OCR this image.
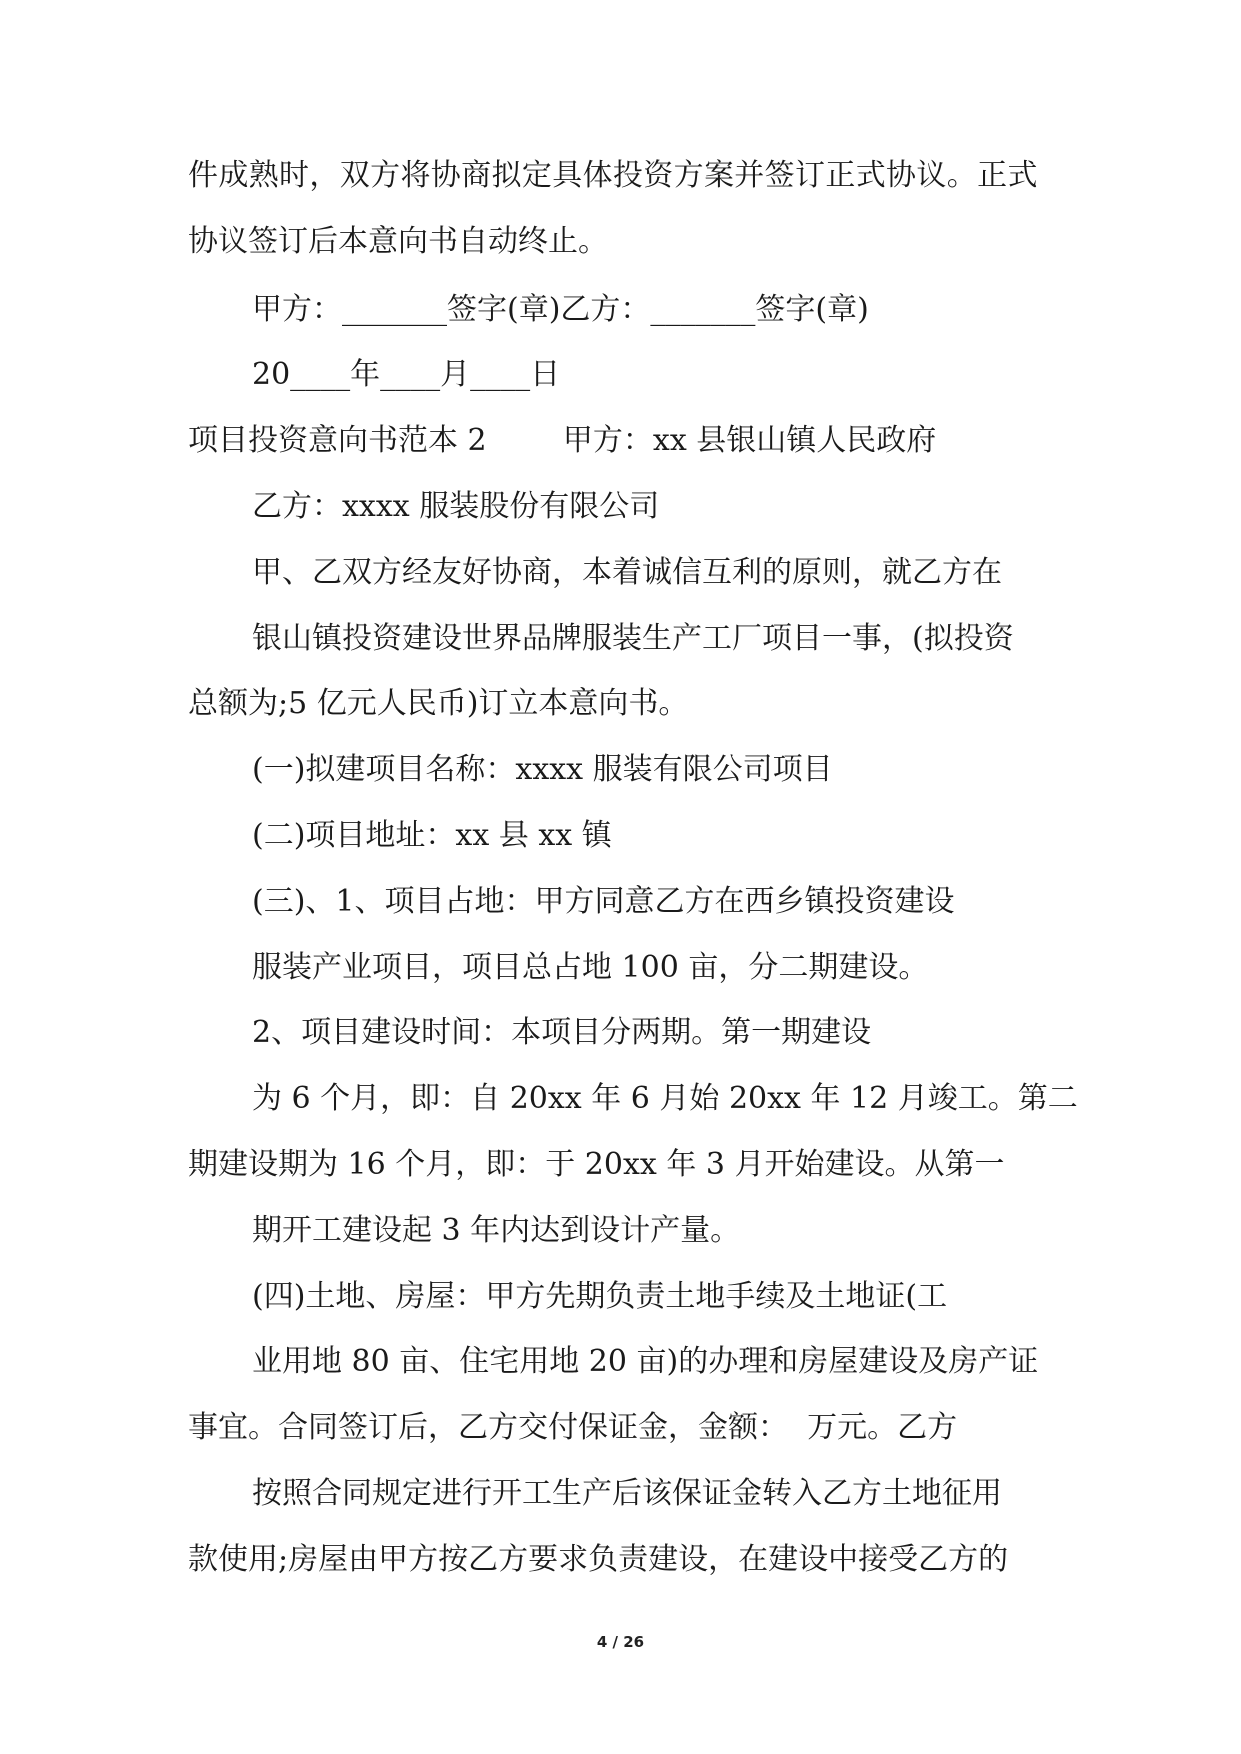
件成熟时，双方将协商拟定具体投资方案并签订正式协议。正式
协议签订后本意向书自动终止。
甲方：_______签字(章)乙方：_______签字(章)
20____年____月____日
项目投资意向书范本 2        甲方：xx 县银山镇人民政府
乙方：xxxx 服装股份有限公司
甲、乙双方经友好协商，本着诚信互利的原则，就乙方在
银山镇投资建设世界品牌服装生产工厂项目一事，(拟投资
总额为;5 亿元人民币)订立本意向书。
(一)拟建项目名称：xxxx 服装有限公司项目
(二)项目地址：xx 县 xx 镇
(三)、1、项目占地：甲方同意乙方在西乡镇投资建设
服装产业项目，项目总占地 100 亩，分二期建设。
2、项目建设时间：本项目分两期。第一期建设
为 6 个月，即：自 20xx 年 6 月始 20xx 年 12 月竣工。第二
期建设期为 16 个月，即：于 20xx 年 3 月开始建设。从第一
期开工建设起 3 年内达到设计产量。
(四)土地、房屋：甲方先期负责土地手续及土地证(工
业用地 80 亩、住宅用地 20 亩)的办理和房屋建设及房产证
事宜。合同签订后，乙方交付保证金，金额：  万元。乙方
按照合同规定进行开工生产后该保证金转入乙方土地征用
款使用;房屋由甲方按乙方要求负责建设，在建设中接受乙方的
4 / 26
